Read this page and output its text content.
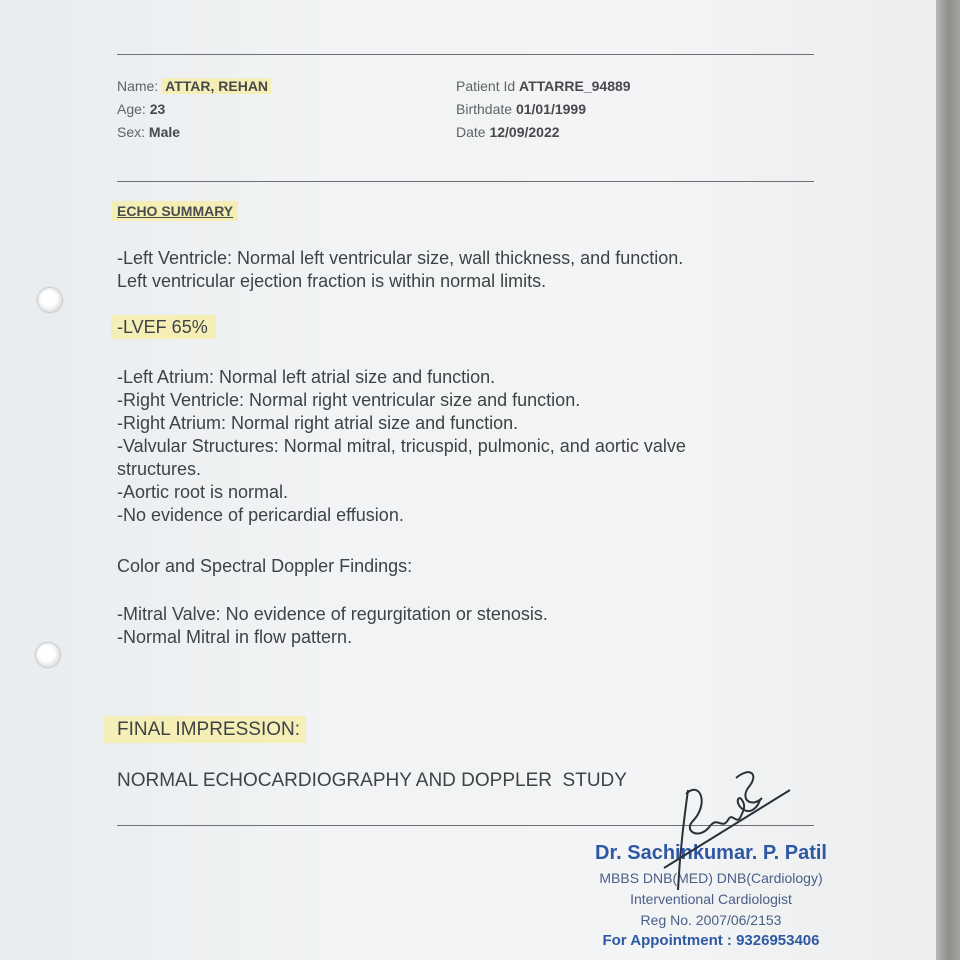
Name: ATTAR, REHAN
Age: 23
Sex: Male
Patient Id ATTARRE_94889
Birthdate 01/01/1999
Date 12/09/2022
ECHO SUMMARY
-Left Ventricle: Normal left ventricular size, wall thickness, and function.
Left ventricular ejection fraction is within normal limits.
-LVEF 65%
-Left Atrium: Normal left atrial size and function.
-Right Ventricle: Normal right ventricular size and function.
-Right Atrium: Normal right atrial size and function.
-Valvular Structures: Normal mitral, tricuspid, pulmonic, and aortic valve
structures.
-Aortic root is normal.
-No evidence of pericardial effusion.
Color and Spectral Doppler Findings:
-Mitral Valve: No evidence of regurgitation or stenosis.
-Normal Mitral in flow pattern.
FINAL IMPRESSION:
NORMAL ECHOCARDIOGRAPHY AND DOPPLER  STUDY
Dr. Sachinkumar. P. Patil
MBBS DNB(MED) DNB(Cardiology)
Interventional Cardiologist
Reg No. 2007/06/2153
For Appointment : 9326953406
